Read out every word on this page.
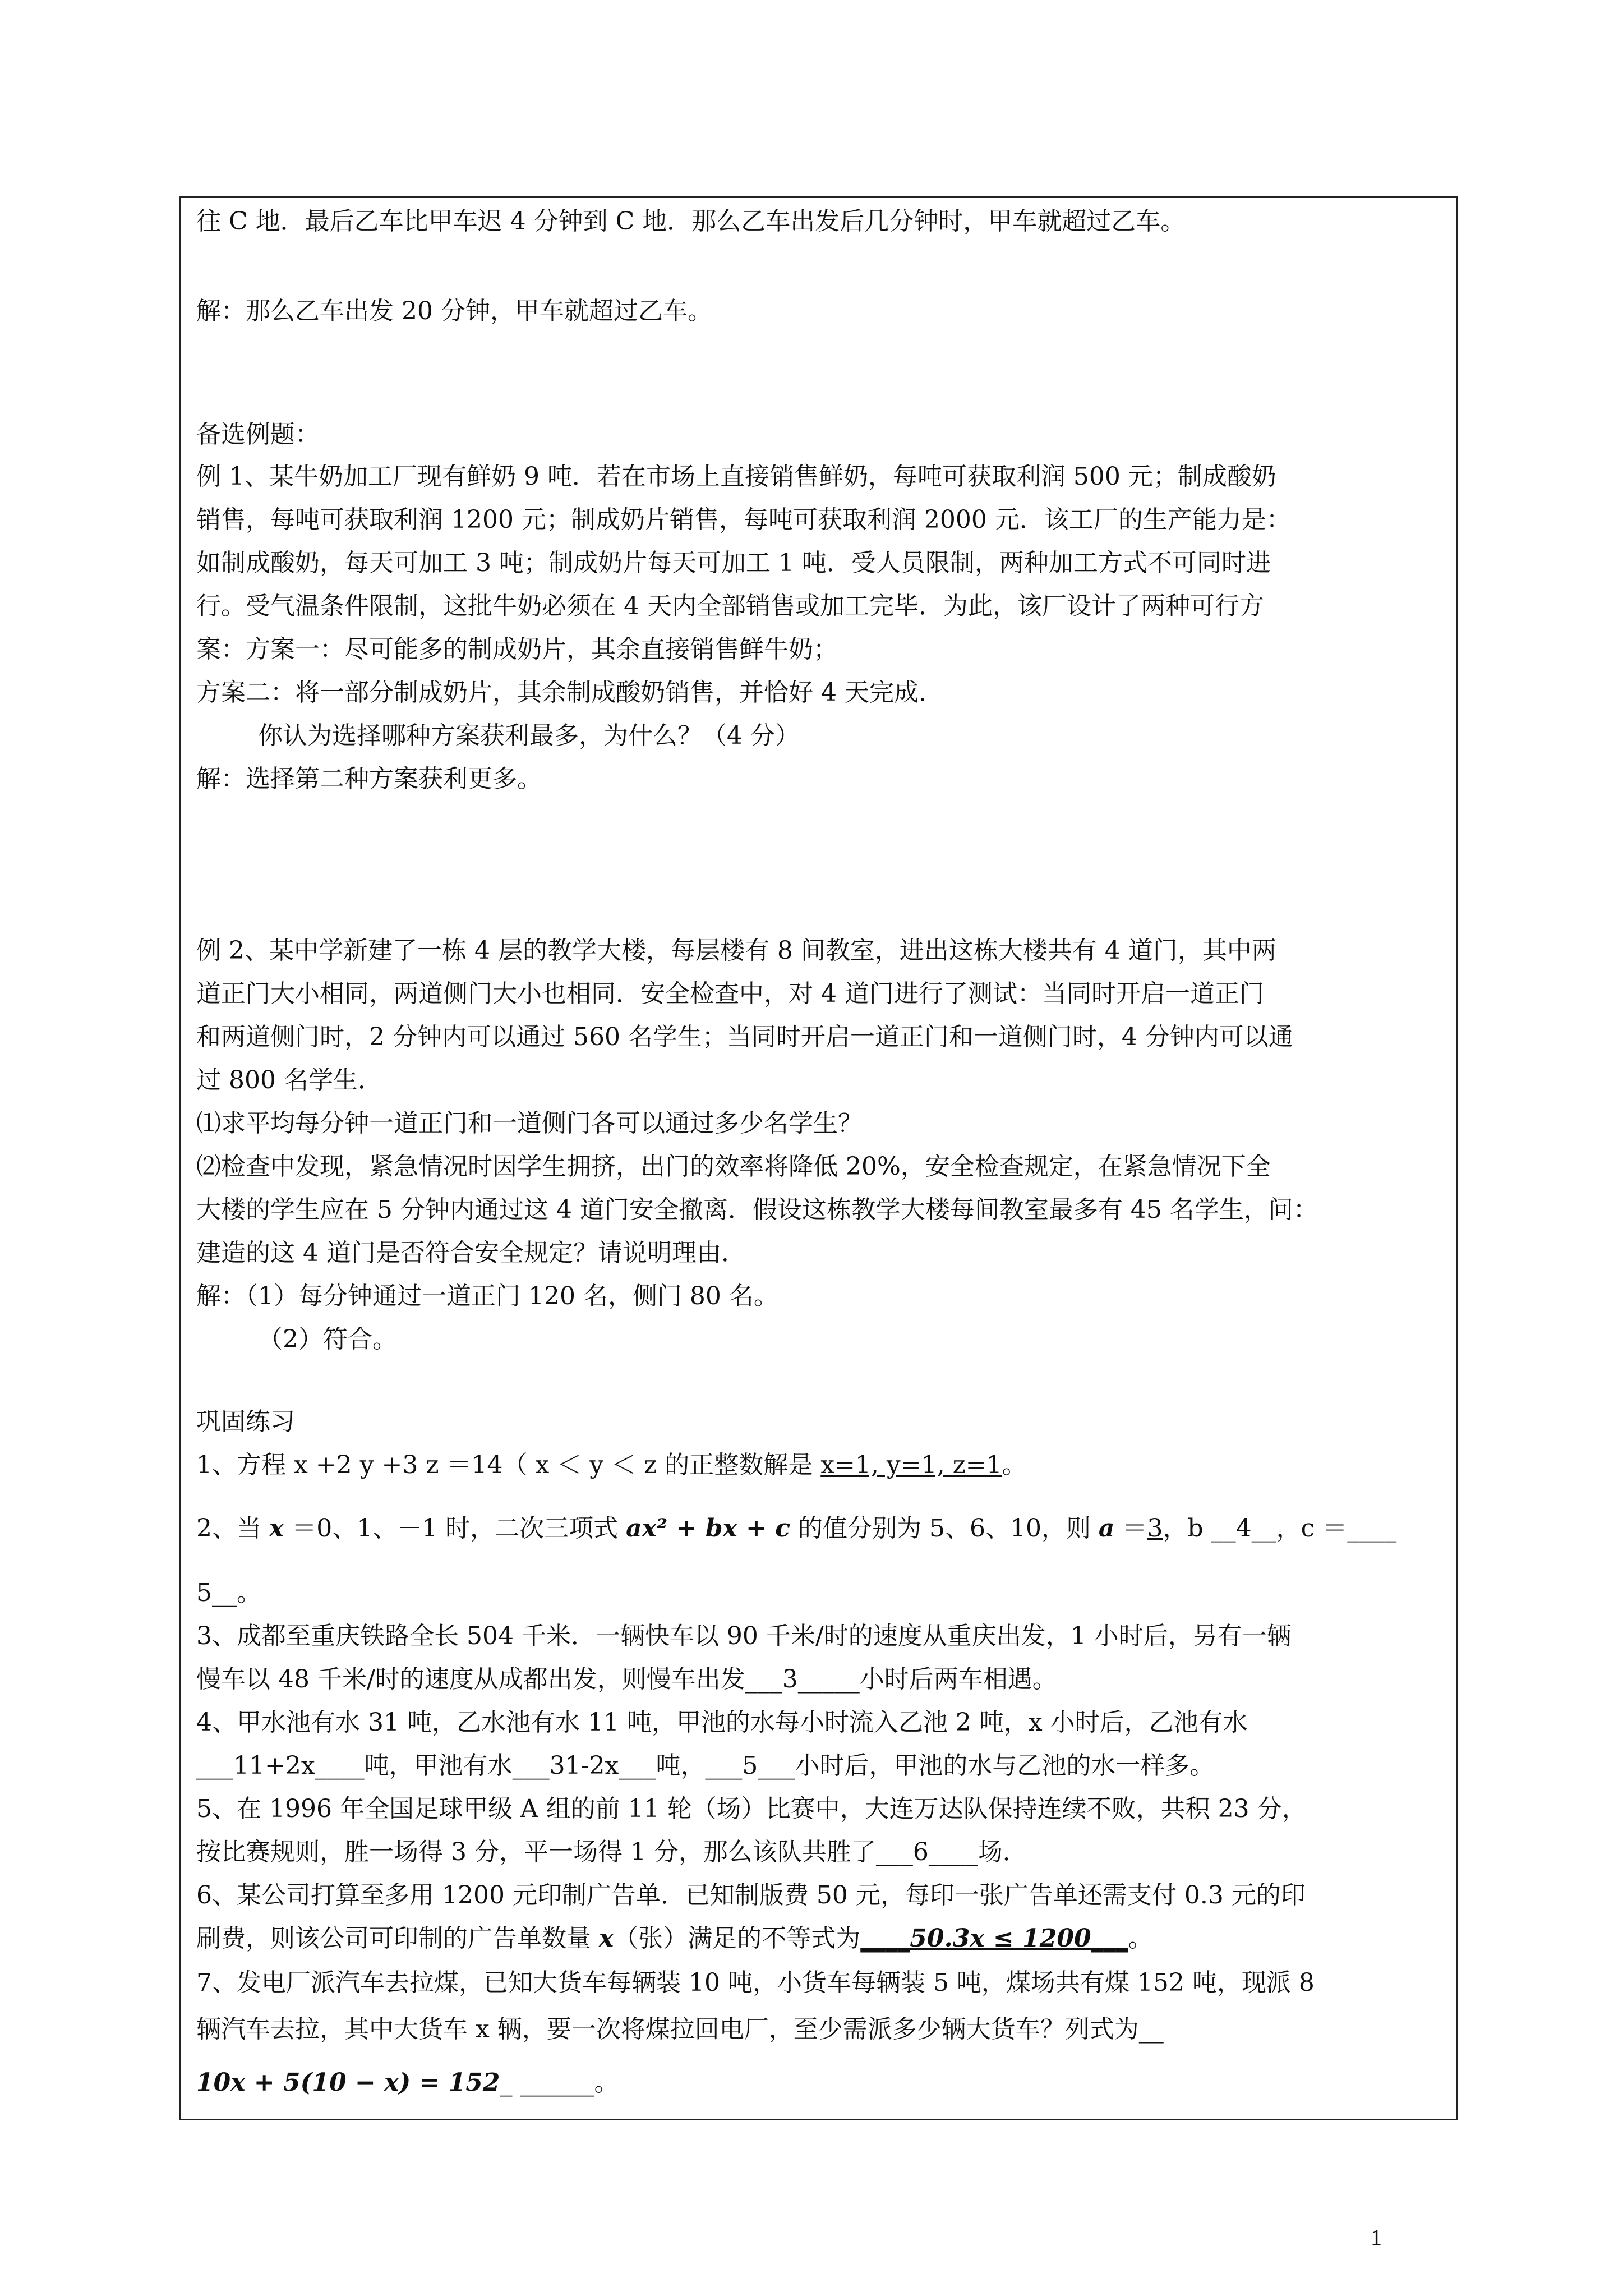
往 C 地．最后乙车比甲车迟 4 分钟到 C 地．那么乙车出发后几分钟时，甲车就超过乙车。
解：那么乙车出发 20 分钟，甲车就超过乙车。
备选例题：
例 1、某牛奶加工厂现有鲜奶 9 吨．若在市场上直接销售鲜奶，每吨可获取利润 500 元；制成酸奶
销售，每吨可获取利润 1200 元；制成奶片销售，每吨可获取利润 2000 元．该工厂的生产能力是：
如制成酸奶，每天可加工 3 吨；制成奶片每天可加工 1 吨．受人员限制，两种加工方式不可同时进
行。受气温条件限制，这批牛奶必须在 4 天内全部销售或加工完毕．为此，该厂设计了两种可行方
案：方案一：尽可能多的制成奶片，其余直接销售鲜牛奶；
方案二：将一部分制成奶片，其余制成酸奶销售，并恰好 4 天完成．
你认为选择哪种方案获利最多，为什么？（4 分）
解：选择第二种方案获利更多。
例 2、某中学新建了一栋 4 层的教学大楼，每层楼有 8 间教室，进出这栋大楼共有 4 道门，其中两
道正门大小相同，两道侧门大小也相同．安全检查中，对 4 道门进行了测试：当同时开启一道正门
和两道侧门时，2 分钟内可以通过 560 名学生；当同时开启一道正门和一道侧门时，4 分钟内可以通
过 800 名学生．
⑴求平均每分钟一道正门和一道侧门各可以通过多少名学生？
⑵检查中发现，紧急情况时因学生拥挤，出门的效率将降低 20%，安全检查规定，在紧急情况下全
大楼的学生应在 5 分钟内通过这 4 道门安全撤离．假设这栋教学大楼每间教室最多有 45 名学生，问：
建造的这 4 道门是否符合安全规定？请说明理由．
解：（1）每分钟通过一道正门 120 名，侧门 80 名。
（2）符合。
巩固练习
1、方程 x +2 y +3 z ＝14（ x ＜ y ＜ z 的正整数解是 x=1, y=1, z=1。
2、当 x ＝0、1、－1 时，二次三项式 ax² + bx + c 的值分别为 5、6、10，则 a ＝3，b __4__，c ＝____
5__。
3、成都至重庆铁路全长 504 千米．一辆快车以 90 千米/时的速度从重庆出发，1 小时后，另有一辆
慢车以 48 千米/时的速度从成都出发，则慢车出发___3_____小时后两车相遇。
4、甲水池有水 31 吨，乙水池有水 11 吨，甲池的水每小时流入乙池 2 吨，x 小时后，乙池有水
___11+2x____吨，甲池有水___31-2x___吨，___5___小时后，甲池的水与乙池的水一样多。
5、在 1996 年全国足球甲级 A 组的前 11 轮（场）比赛中，大连万达队保持连续不败，共积 23 分，
按比赛规则，胜一场得 3 分，平一场得 1 分，那么该队共胜了___6____场．
6、某公司打算至多用 1200 元印制广告单．已知制版费 50 元，每印一张广告单还需支付 0.3 元的印
刷费，则该公司可印制的广告单数量 x（张）满足的不等式为____50.3x ≤ 1200___。
7、发电厂派汽车去拉煤，已知大货车每辆装 10 吨，小货车每辆装 5 吨，煤场共有煤 152 吨，现派 8
辆汽车去拉，其中大货车 x 辆，要一次将煤拉回电厂，至少需派多少辆大货车？列式为__
10x + 5(10 − x) = 152_ ______。
1
